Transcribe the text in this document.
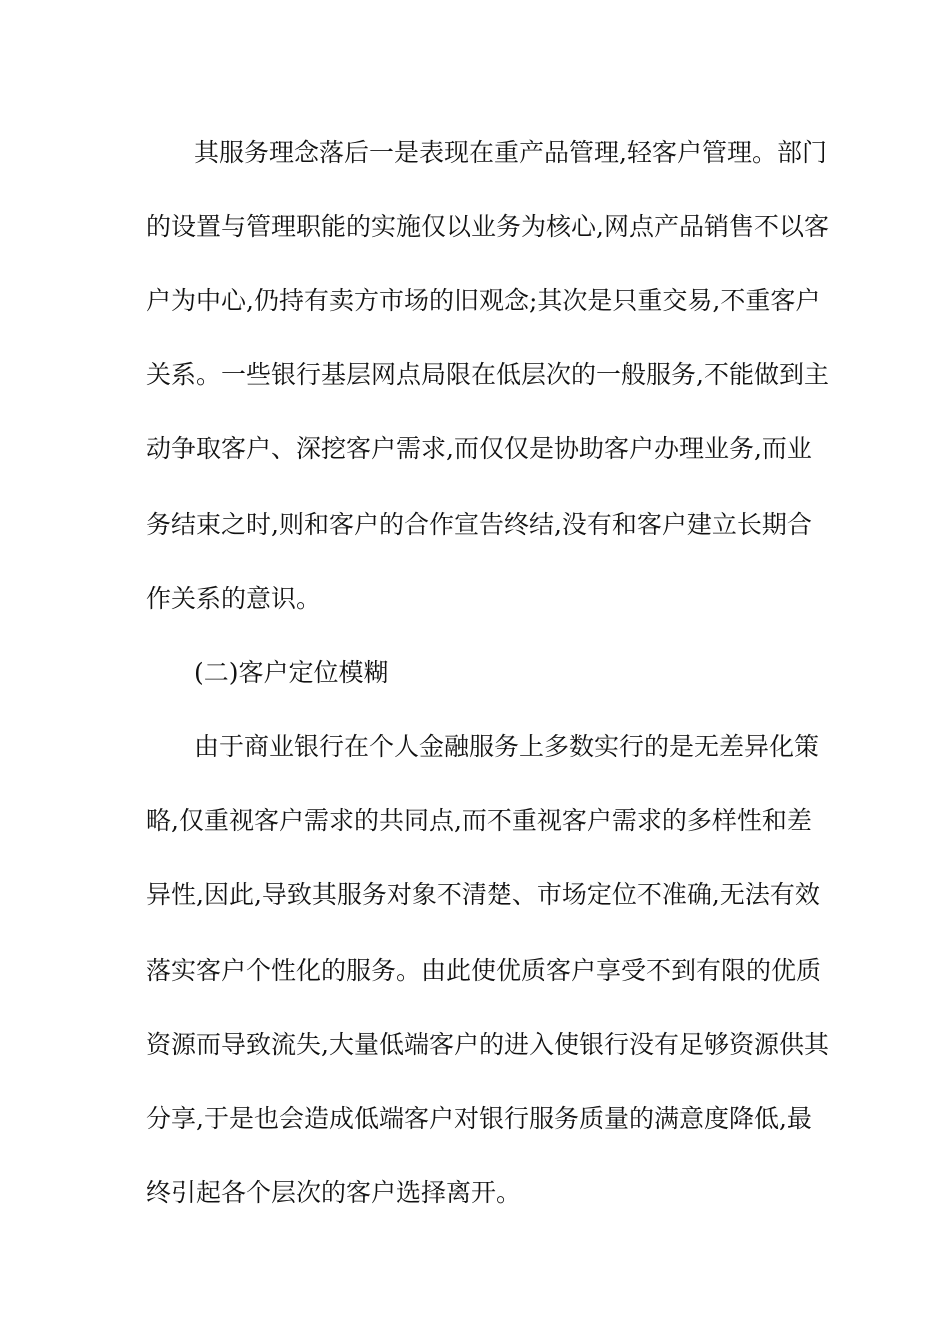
其服务理念落后一是表现在重产品管理,轻客户管理。部门
的设置与管理职能的实施仅以业务为核心,网点产品销售不以客
户为中心,仍持有卖方市场的旧观念;其次是只重交易,不重客户
关系。一些银行基层网点局限在低层次的一般服务,不能做到主
动争取客户、深挖客户需求,而仅仅是协助客户办理业务,而业
务结束之时,则和客户的合作宣告终结,没有和客户建立长期合
作关系的意识。
(二)客户定位模糊
由于商业银行在个人金融服务上多数实行的是无差异化策
略,仅重视客户需求的共同点,而不重视客户需求的多样性和差
异性,因此,导致其服务对象不清楚、市场定位不准确,无法有效
落实客户个性化的服务。由此使优质客户享受不到有限的优质
资源而导致流失,大量低端客户的进入使银行没有足够资源供其
分享,于是也会造成低端客户对银行服务质量的满意度降低,最
终引起各个层次的客户选择离开。
